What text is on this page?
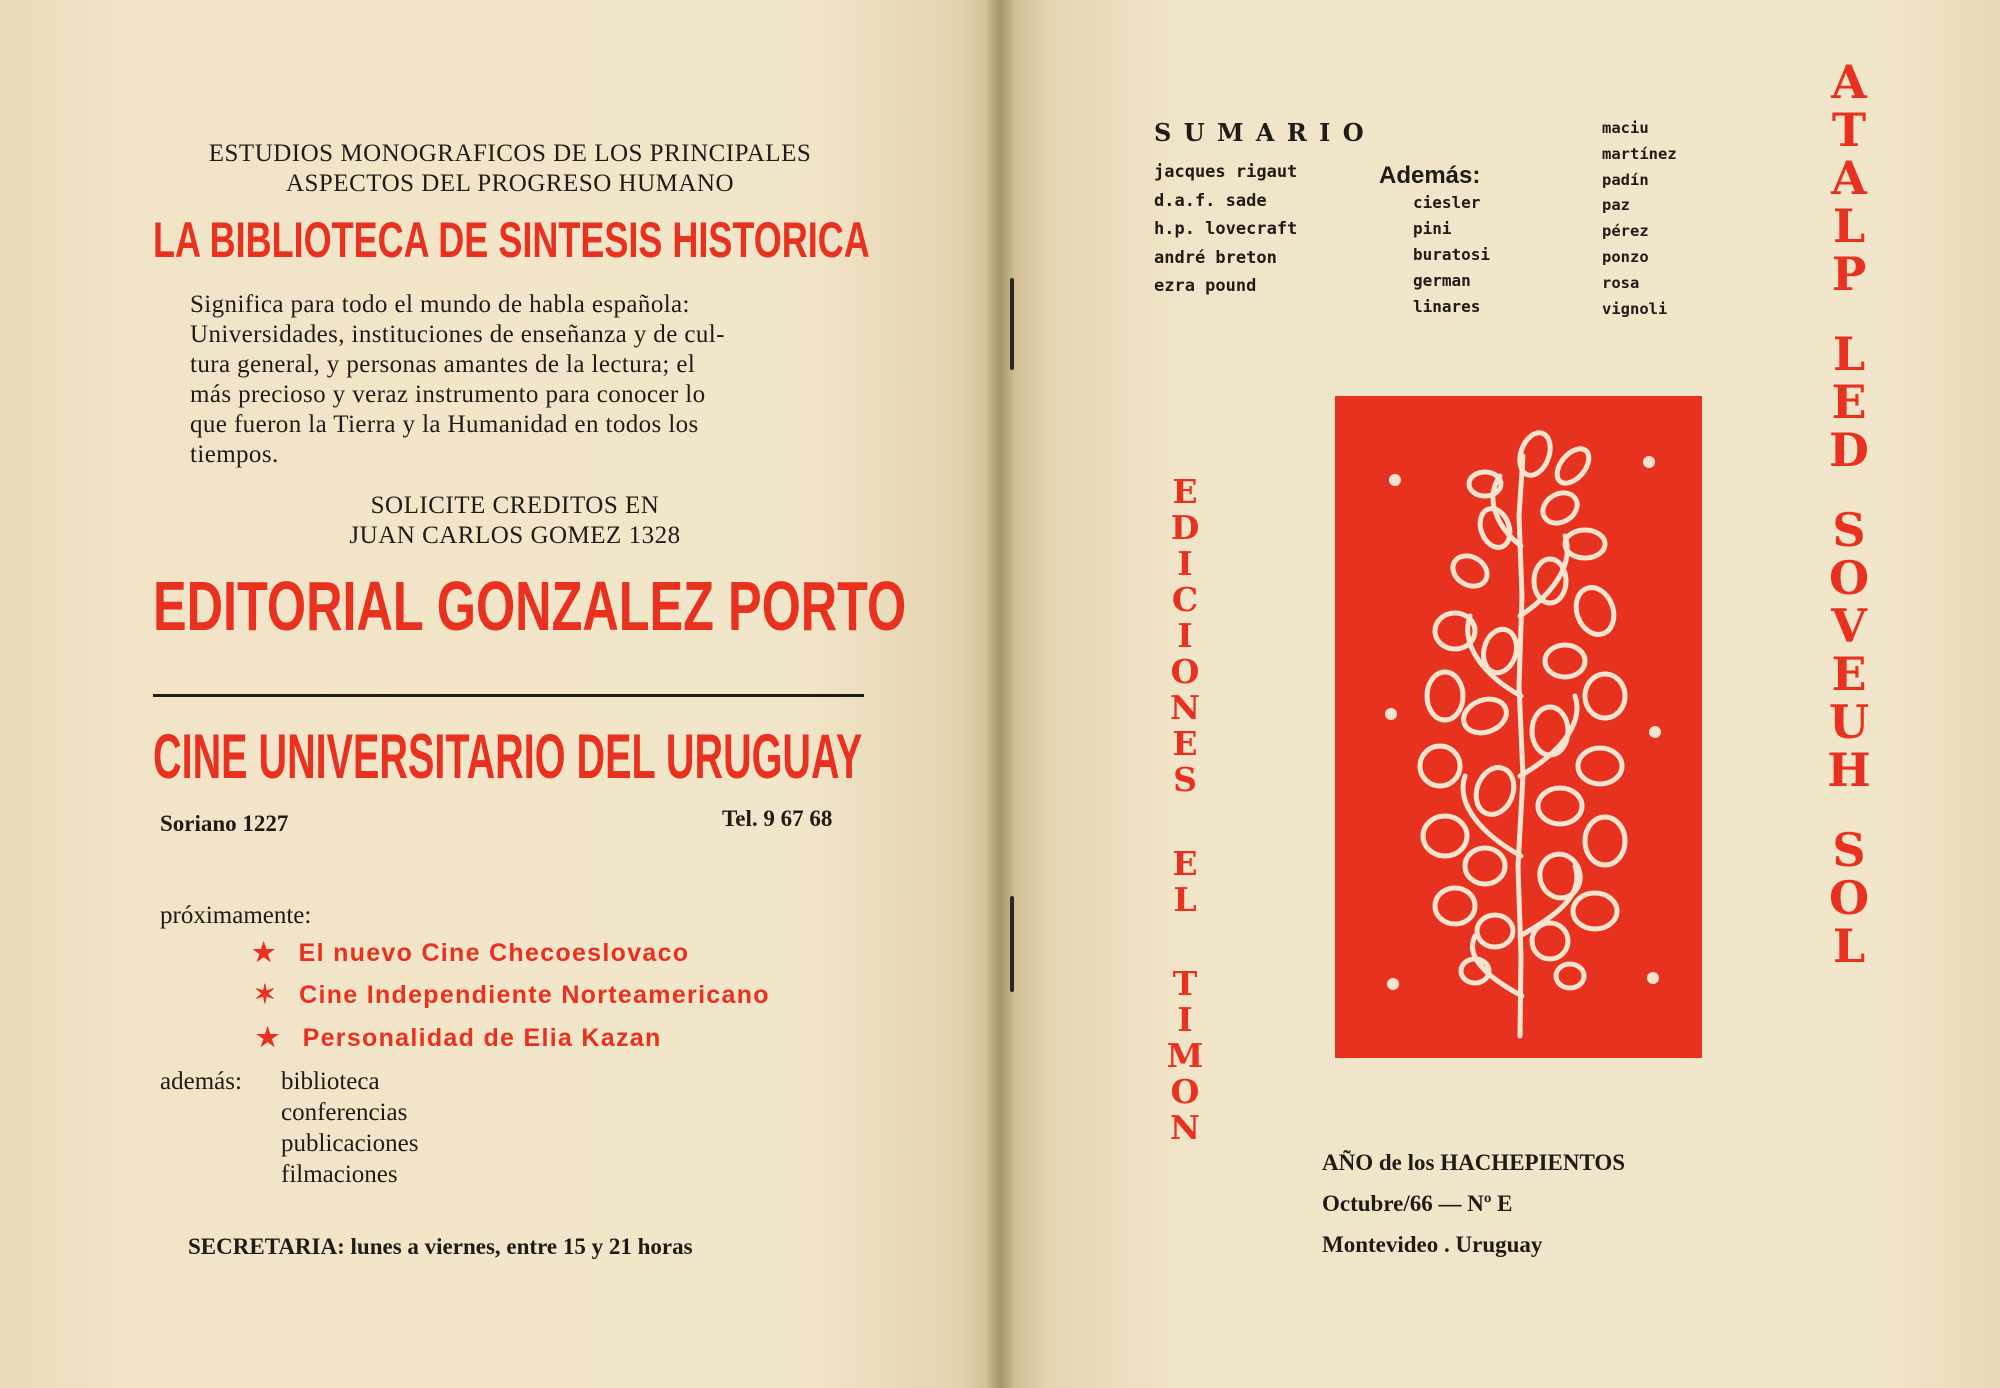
ESTUDIOS MONOGRAFICOS DE LOS PRINCIPALES
ASPECTOS DEL PROGRESO HUMANO
LA BIBLIOTECA DE SINTESIS HISTORICA
Significa para todo el mundo de habla española:
Universidades, instituciones de enseñanza y de cul-
tura general, y personas amantes de la lectura; el
más precioso y veraz instrumento para conocer lo
que fueron la Tierra y la Humanidad en todos los
tiempos.
SOLICITE CREDITOS EN
JUAN CARLOS GOMEZ 1328
EDITORIAL GONZALEZ PORTO
CINE UNIVERSITARIO DEL URUGUAY
Soriano 1227	Tel. 9 67 68
próximamente:
★ El nuevo Cine Checoeslovaco
✶ Cine Independiente Norteamericano
★ Personalidad de Elia Kazan
además: biblioteca
conferencias
publicaciones
filmaciones
SECRETARIA: lunes a viernes, entre 15 y 21 horas
S U M A R I O
jacques rigaut
d.a.f. sade
h.p. lovecraft
andré breton
ezra pound
Además:
ciesler
pini
buratosi
german
linares
maciu
martínez
padín
paz
pérez
ponzo
rosa
vignoli
E
D
I
C
I
O
N
E
S

E
L

T
I
M
O
N
AÑO de los HACHEPIENTOS
Octubre/66 — Nº E
Montevideo . Uruguay
A
T
A
L
P

L
E
D

S
O
V
E
U
H

S
O
L
